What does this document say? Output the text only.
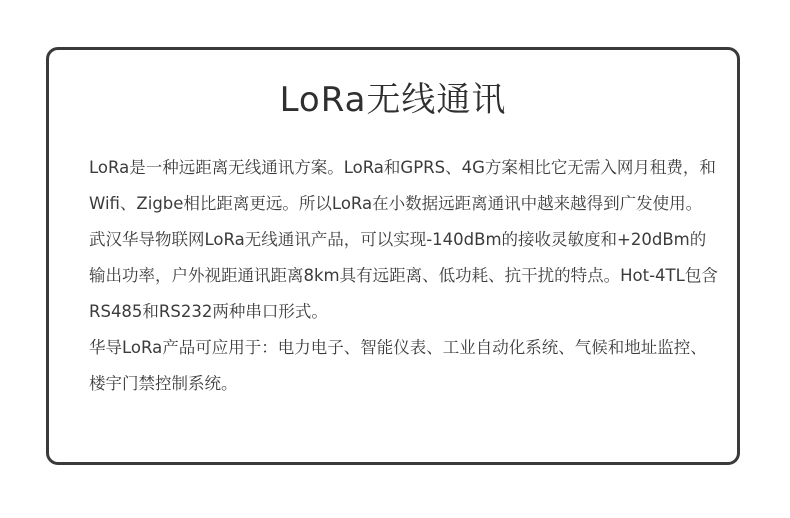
LoRa无线通讯

LoRa是一种远距离无线通讯方案。LoRa和GPRS、4G方案相比它无需入网月租费，和Wifi、Zigbe相比距离更远。所以LoRa在小数据远距离通讯中越来越得到广发使用。

武汉华导物联网LoRa无线通讯产品，可以实现-140dBm的接收灵敏度和+20dBm的输出功率，户外视距通讯距离8km具有远距离、低功耗、抗干扰的特点。Hot-4TL包含RS485和RS232两种串口形式。

华导LoRa产品可应用于：电力电子、智能仪表、工业自动化系统、气候和地址监控、楼宇门禁控制系统。
